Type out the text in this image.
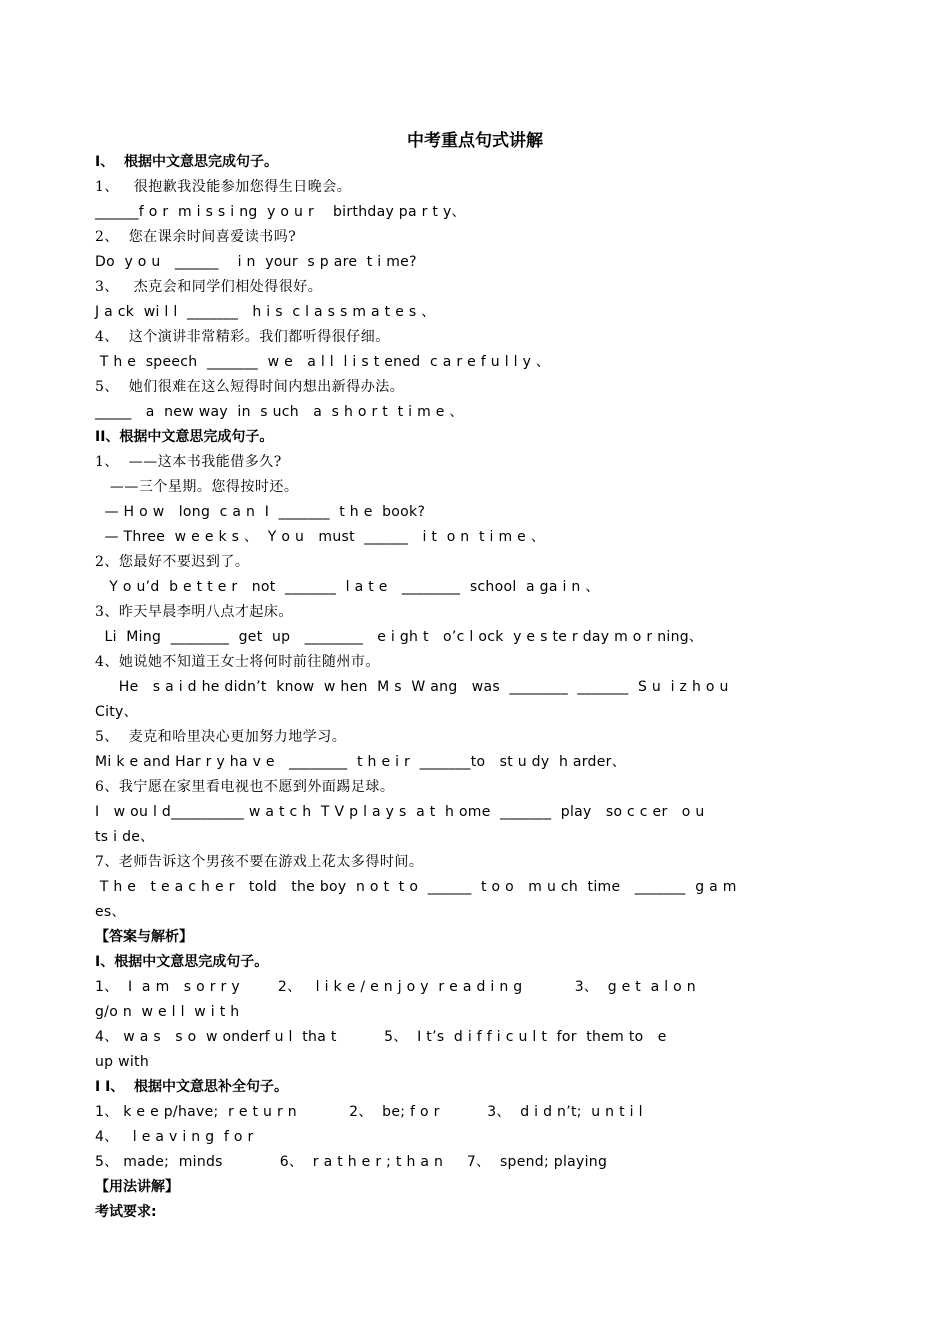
中考重点句式讲解
I、  根据中文意思完成句子。
1、   很抱歉我没能参加您得生日晚会。
______f o r  m i s s i ng  y o u r    birthday pa r t y、
2、  您在课余时间喜爱读书吗?
Do  y o u   ______    i n  your  s p are  t i me?
3、   杰克会和同学们相处得很好。
J a ck  wi l l  _______   h i s  c l a s s m a t e s 、
4、  这个演讲非常精彩。我们都听得很仔细。
T h e  speech  _______  w e   a l l  l i s t ened  c a r e f u l l y 、
5、  她们很难在这么短得时间内想出新得办法。
_____   a  new way  in  s uch   a  s h o r t  t i m e 、
II、根据中文意思完成句子。
1、  ——这本书我能借多久?
——三个星期。您得按时还。
— H o w   long  c a n  I  _______  t h e  book?
— Three  w e e k s 、  Y o u   must  ______   i t  o n  t i m e 、
2、您最好不要迟到了。
Y o u’d  b e t t e r   not  _______  l a t e   ________  school  a ga i n 、
3、昨天早晨李明八点才起床。
Li  Ming  ________  get  up   ________   e i gh t   o’c l ock  y e s te r day m o r ning、
4、她说她不知道王女士将何时前往随州市。
He   s a i d he didn’t  know  w hen  M s  W ang   was  ________  _______  S u  i z h o u
City、
5、  麦克和哈里决心更加努力地学习。
Mi k e and Har r y ha v e   ________  t h e i r  _______to   st u dy  h arder、
6、我宁愿在家里看电视也不愿到外面踢足球。
I   w ou l d__________ w a t c h  T V p l a y s  a t  h ome  _______  play   so c c er   o u
ts i de、
7、老师告诉这个男孩不要在游戏上花太多得时间。
T h e   t e a c h e r   told   the boy  n o t  t o  ______  t o o   m u ch  time   _______  g a m
es、
【答案与解析】
I、根据中文意思完成句子。
1、  I  a m   s o r r y        2、   l i k e / e n j o y  r e a d i n g           3、  g e t  a l o n
g/o n  w e l l  w i t h
4、 w a s   s o  w onderf u l  tha t          5、  I t’s  d i f f i c u l t  for  them to   e
up with
I I、  根据中文意思补全句子。
1、 k e e p/have;  r e t u r n           2、  be; f o r          3、  d i d n’t;  u n t i l
4、   l e a v i n g  f o r
5、 made;  minds            6、  r a t h e r ; t h a n     7、  spend; playing
【用法讲解】
考试要求:
